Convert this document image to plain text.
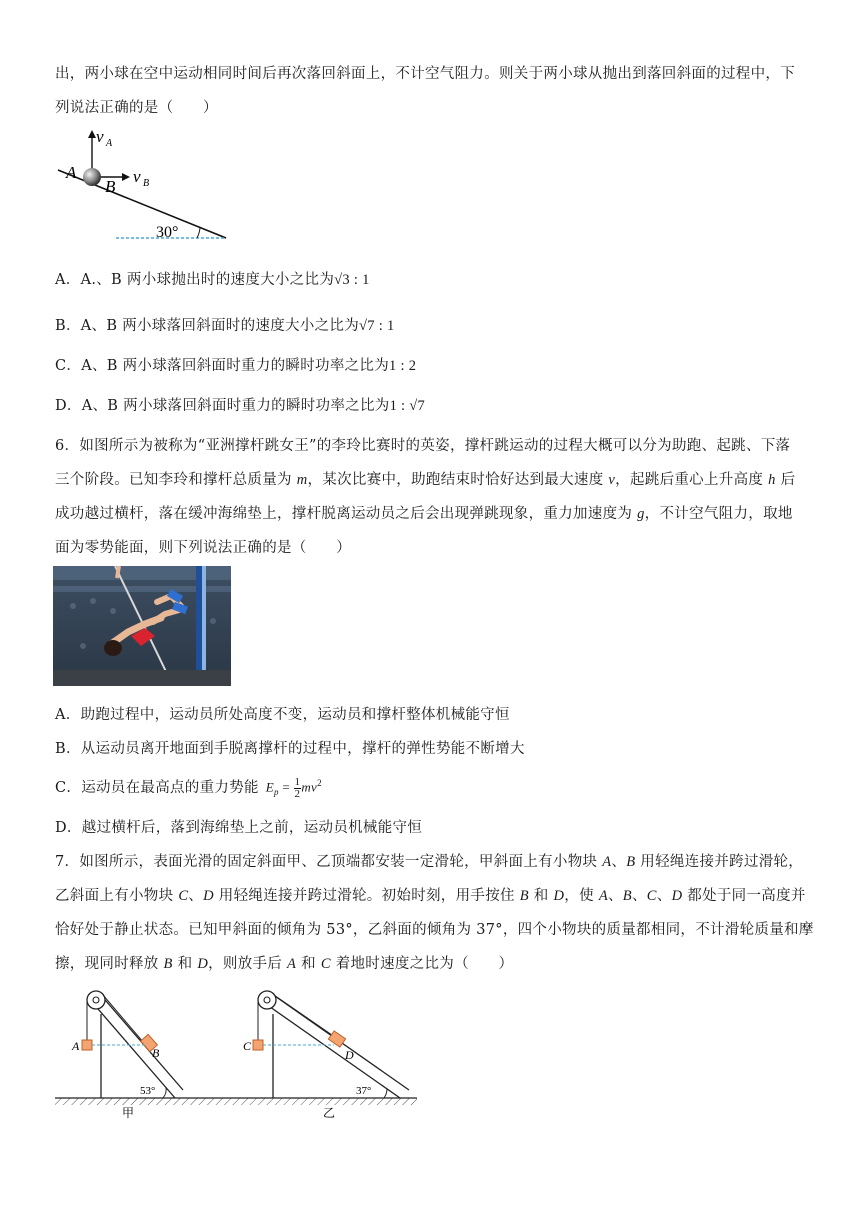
出，两小球在空中运动相同时间后再次落回斜面上，不计空气阻力。则关于两小球从抛出到落回斜面的过程中，下
列说法正确的是（　　）
30°
v A
v B
A
B
A．A.、B 两小球抛出时的速度大小之比为√3 : 1
B．A、B 两小球落回斜面时的速度大小之比为√7 : 1
C．A、B 两小球落回斜面时重力的瞬时功率之比为1 : 2
D．A、B 两小球落回斜面时重力的瞬时功率之比为1 : √7
6．如图所示为被称为“亚洲撑杆跳女王”的李玲比赛时的英姿，撑杆跳运动的过程大概可以分为助跑、起跳、下落
三个阶段。已知李玲和撑杆总质量为 m，某次比赛中，助跑结束时恰好达到最大速度 v，起跳后重心上升高度 h 后
成功越过横杆，落在缓冲海绵垫上，撑杆脱离运动员之后会出现弹跳现象，重力加速度为 g，不计空气阻力，取地
面为零势能面，则下列说法正确的是（　　）
A．助跑过程中，运动员所处高度不变，运动员和撑杆整体机械能守恒
B．从运动员离开地面到手脱离撑杆的过程中，撑杆的弹性势能不断增大
C．运动员在最高点的重力势能 $E_p = \frac{1}{2} mv^2$
D．越过横杆后，落到海绵垫上之前，运动员机械能守恒
7．如图所示，表面光滑的固定斜面甲、乙顶端都安装一定滑轮，甲斜面上有小物块 A、B 用轻绳连接并跨过滑轮，
乙斜面上有小物块 C、D 用轻绳连接并跨过滑轮。初始时刻，用手按住 B 和 D，使 A、B、C、D 都处于同一高度并
恰好处于静止状态。已知甲斜面的倾角为 53°，乙斜面的倾角为 37°，四个小物块的质量都相同，不计滑轮质量和摩
擦，现同时释放 B 和 D，则放手后 A 和 C 着地时速度之比为（　　）
A	B
53°
甲
C
D
37°
乙
